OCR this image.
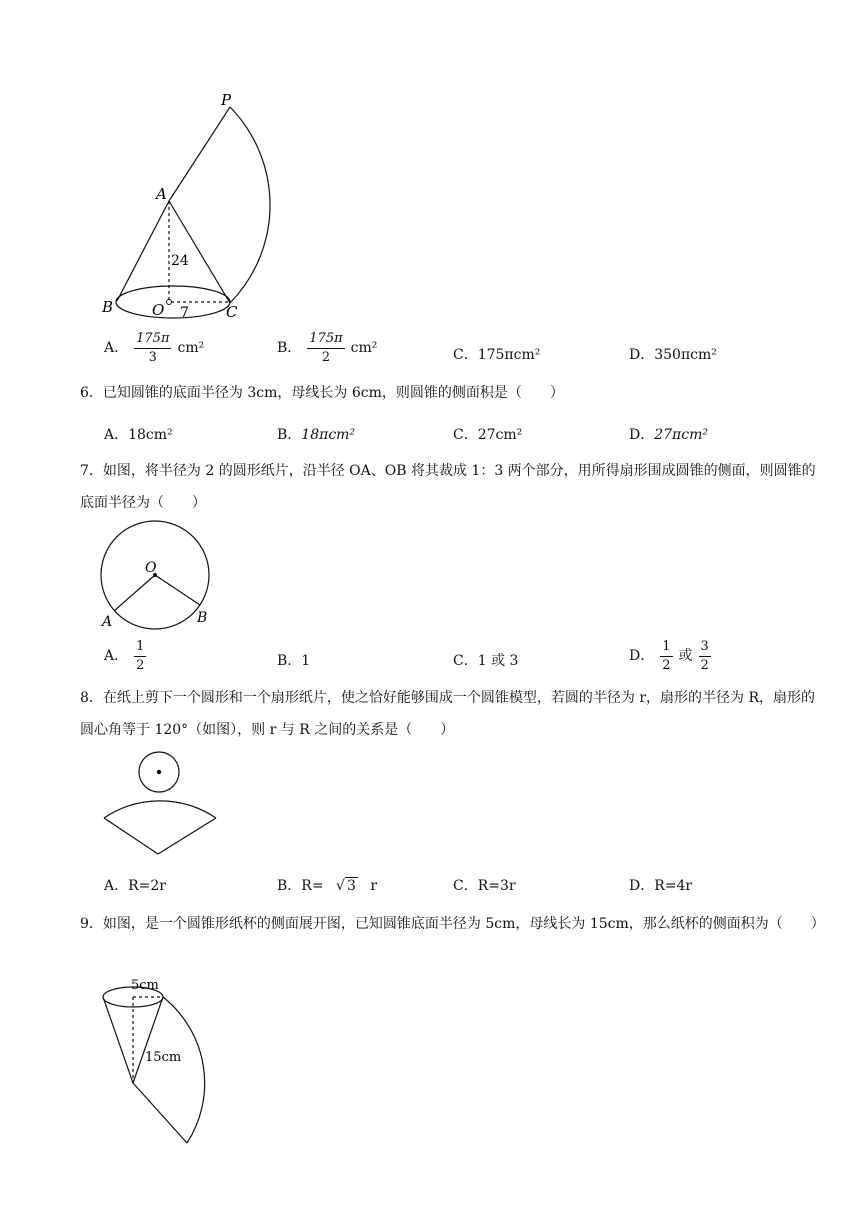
P
A
B	O	C
24
7
A． $\frac{175\pi}{3} cm^2$	B． $\frac{175\pi}{2} cm^2$	C．175πcm²	D．350πcm²
6．已知圆锥的底面半径为 3cm，母线长为 6cm，则圆锥的侧面积是（　　）
A．18cm²	B．18πcm²	C．27cm²	D．27πcm²
7．如图，将半径为 2 的圆形纸片，沿半径 OA、OB 将其裁成 1：3 两个部分，用所得扇形围成圆锥的侧面，则圆锥的底面半径为（　　）
O
A	B
A． $\frac{1}{2}$	B．1	C．1 或 3	D． $\frac{1}{2}$ 或 $\frac{3}{2}$
8．在纸上剪下一个圆形和一个扇形纸片，使之恰好能够围成一个圆锥模型，若圆的半径为 r，扇形的半径为 R，扇形的圆心角等于 120°（如图），则 r 与 R 之间的关系是（　　）
A．R=2r	B．R= √ 3 r	C．R=3r	D．R=4r
9．如图，是一个圆锥形纸杯的侧面展开图，已知圆锥底面半径为 5cm，母线长为 15cm，那么纸杯的侧面积为（　　）
5cm
15cm
